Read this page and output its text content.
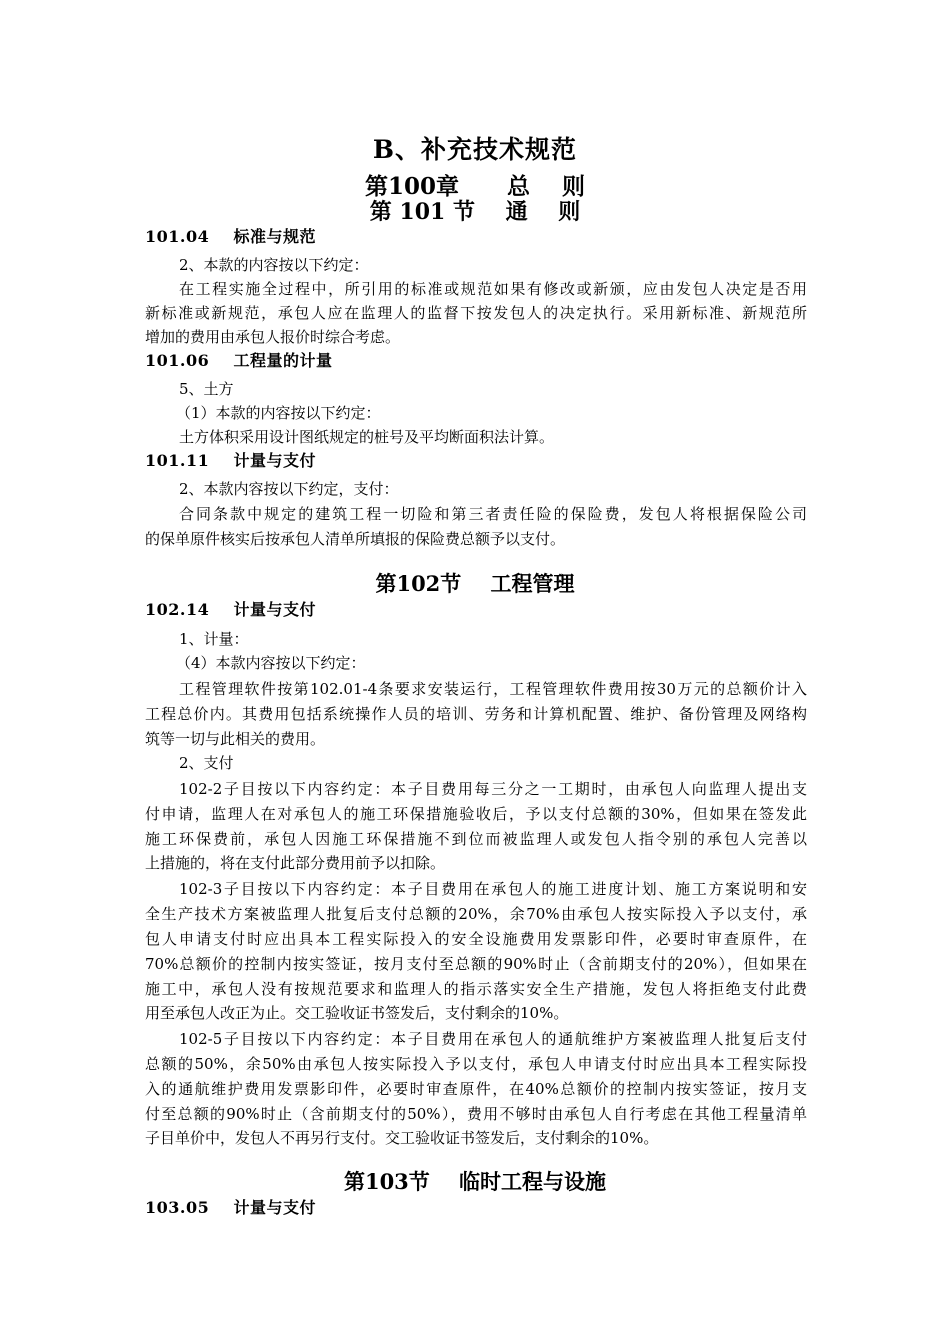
B、补充技术规范
第100章      总    则
第 101 节    通    则
101.04    标准与规范
2、本款的内容按以下约定：
在工程实施全过程中，所引用的标准或规范如果有修改或新颁，应由发包人决定是否用
新标准或新规范，承包人应在监理人的监督下按发包人的决定执行。采用新标准、新规范所
增加的费用由承包人报价时综合考虑。
101.06    工程量的计量
5、土方
（1）本款的内容按以下约定：
土方体积采用设计图纸规定的桩号及平均断面积法计算。
101.11    计量与支付
2、本款内容按以下约定，支付：
合同条款中规定的建筑工程一切险和第三者责任险的保险费，发包人将根据保险公司
的保单原件核实后按承包人清单所填报的保险费总额予以支付。
第102节    工程管理
102.14    计量与支付
1、计量：
（4）本款内容按以下约定：
工程管理软件按第102.01-4条要求安装运行，工程管理软件费用按30万元的总额价计入
工程总价内。其费用包括系统操作人员的培训、劳务和计算机配置、维护、备份管理及网络构
筑等一切与此相关的费用。
2、支付
102-2子目按以下内容约定：本子目费用每三分之一工期时，由承包人向监理人提出支
付申请，监理人在对承包人的施工环保措施验收后，予以支付总额的30%，但如果在签发此
施工环保费前，承包人因施工环保措施不到位而被监理人或发包人指令别的承包人完善以
上措施的，将在支付此部分费用前予以扣除。
102-3子目按以下内容约定：本子目费用在承包人的施工进度计划、施工方案说明和安
全生产技术方案被监理人批复后支付总额的20%，余70%由承包人按实际投入予以支付，承
包人申请支付时应出具本工程实际投入的安全设施费用发票影印件，必要时审查原件，在
70%总额价的控制内按实签证，按月支付至总额的90%时止（含前期支付的20%），但如果在
施工中，承包人没有按规范要求和监理人的指示落实安全生产措施，发包人将拒绝支付此费
用至承包人改正为止。交工验收证书签发后，支付剩余的10%。
102-5子目按以下内容约定：本子目费用在承包人的通航维护方案被监理人批复后支付
总额的50%，余50%由承包人按实际投入予以支付，承包人申请支付时应出具本工程实际投
入的通航维护费用发票影印件，必要时审查原件，在40%总额价的控制内按实签证，按月支
付至总额的90%时止（含前期支付的50%），费用不够时由承包人自行考虑在其他工程量清单
子目单价中，发包人不再另行支付。交工验收证书签发后，支付剩余的10%。
第103节    临时工程与设施
103.05    计量与支付
